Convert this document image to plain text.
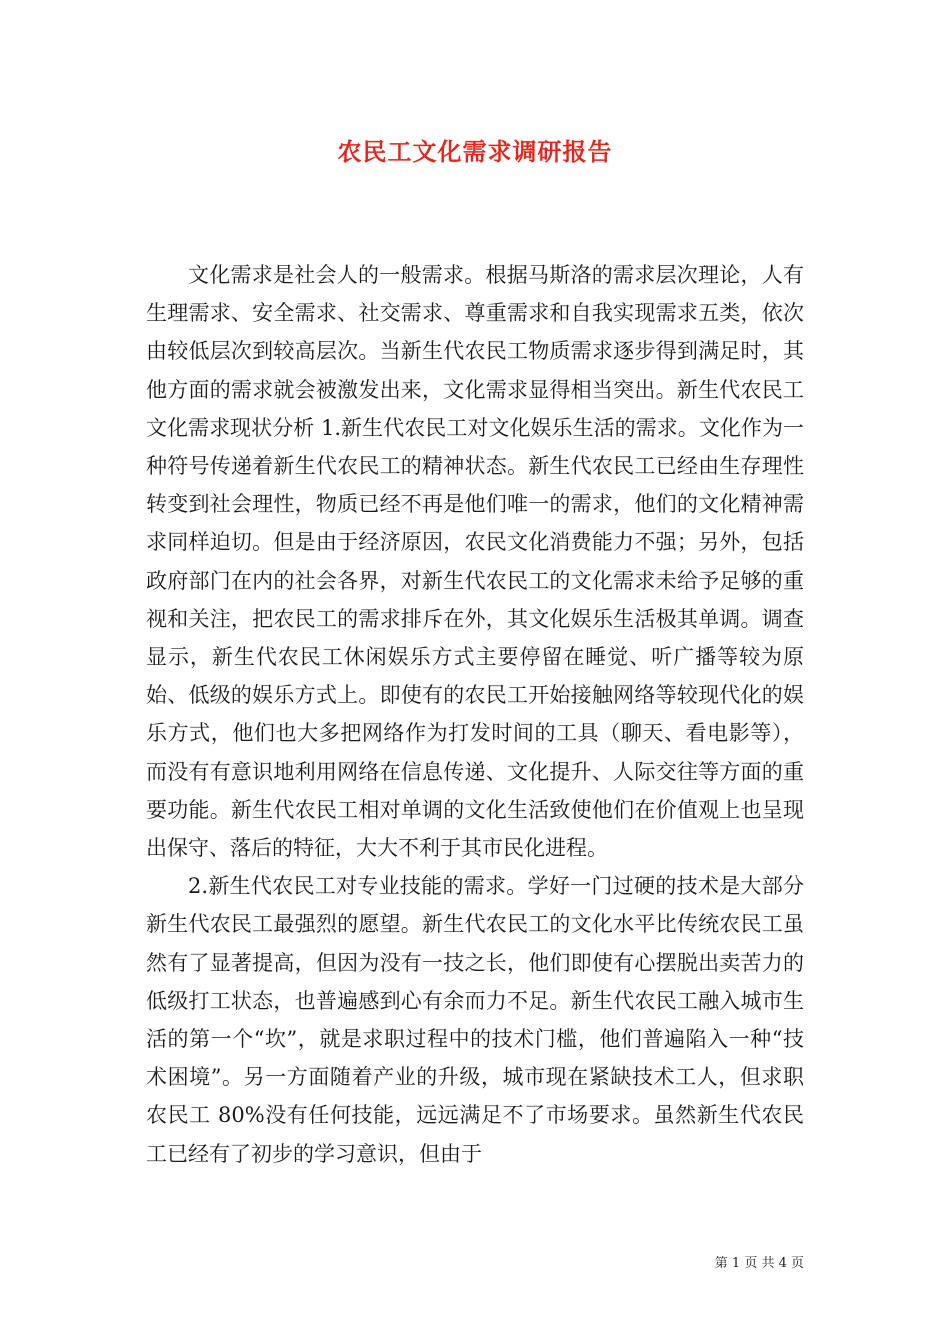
农民工文化需求调研报告

文化需求是社会人的一般需求。根据马斯洛的需求层次理论，人有生理需求、安全需求、社交需求、尊重需求和自我实现需求五类，依次由较低层次到较高层次。当新生代农民工物质需求逐步得到满足时，其他方面的需求就会被激发出来，文化需求显得相当突出。新生代农民工文化需求现状分析 1.新生代农民工对文化娱乐生活的需求。文化作为一种符号传递着新生代农民工的精神状态。新生代农民工已经由生存理性转变到社会理性，物质已经不再是他们唯一的需求，他们的文化精神需求同样迫切。但是由于经济原因，农民文化消费能力不强；另外，包括政府部门在内的社会各界，对新生代农民工的文化需求未给予足够的重视和关注，把农民工的需求排斥在外，其文化娱乐生活极其单调。调查显示，新生代农民工休闲娱乐方式主要停留在睡觉、听广播等较为原始、低级的娱乐方式上。即使有的农民工开始接触网络等较现代化的娱乐方式，他们也大多把网络作为打发时间的工具（聊天、看电影等），而没有有意识地利用网络在信息传递、文化提升、人际交往等方面的重要功能。新生代农民工相对单调的文化生活致使他们在价值观上也呈现出保守、落后的特征，大大不利于其市民化进程。

2.新生代农民工对专业技能的需求。学好一门过硬的技术是大部分新生代农民工最强烈的愿望。新生代农民工的文化水平比传统农民工虽然有了显著提高，但因为没有一技之长，他们即使有心摆脱出卖苦力的低级打工状态，也普遍感到心有余而力不足。新生代农民工融入城市生活的第一个“坎”，就是求职过程中的技术门槛，他们普遍陷入一种“技术困境”。另一方面随着产业的升级，城市现在紧缺技术工人，但求职农民工 80%没有任何技能，远远满足不了市场要求。虽然新生代农民工已经有了初步的学习意识，但由于

第 1 页 共 4 页
